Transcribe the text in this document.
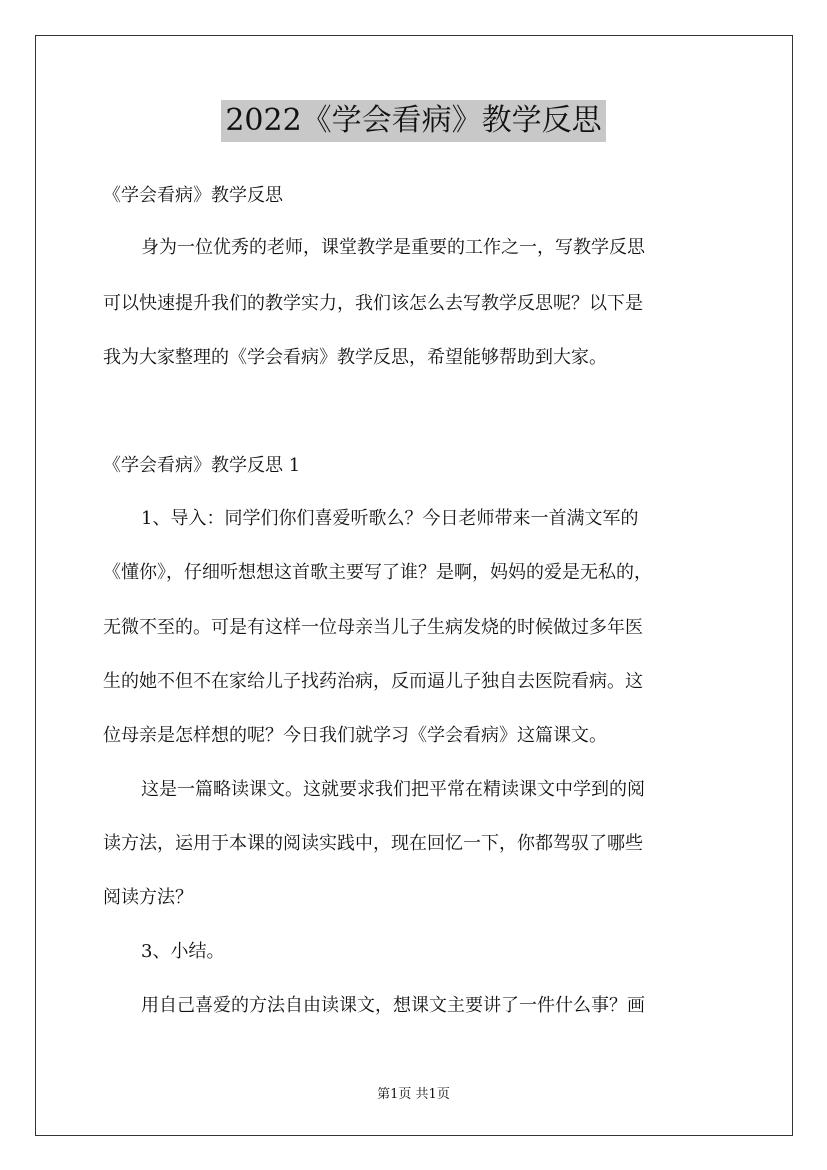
2022《学会看病》教学反思
《学会看病》教学反思
身为一位优秀的老师，课堂教学是重要的工作之一，写教学反思
可以快速提升我们的教学实力，我们该怎么去写教学反思呢？以下是
我为大家整理的《学会看病》教学反思，希望能够帮助到大家。
《学会看病》教学反思 1
1、导入：同学们你们喜爱听歌么？今日老师带来一首满文军的
《懂你》，仔细听想想这首歌主要写了谁？是啊，妈妈的爱是无私的，
无微不至的。可是有这样一位母亲当儿子生病发烧的时候做过多年医
生的她不但不在家给儿子找药治病，反而逼儿子独自去医院看病。这
位母亲是怎样想的呢？今日我们就学习《学会看病》这篇课文。
这是一篇略读课文。这就要求我们把平常在精读课文中学到的阅
读方法，运用于本课的阅读实践中，现在回忆一下，你都驾驭了哪些
阅读方法？
3、小结。
用自己喜爱的方法自由读课文，想课文主要讲了一件什么事？画
第1页 共1页
